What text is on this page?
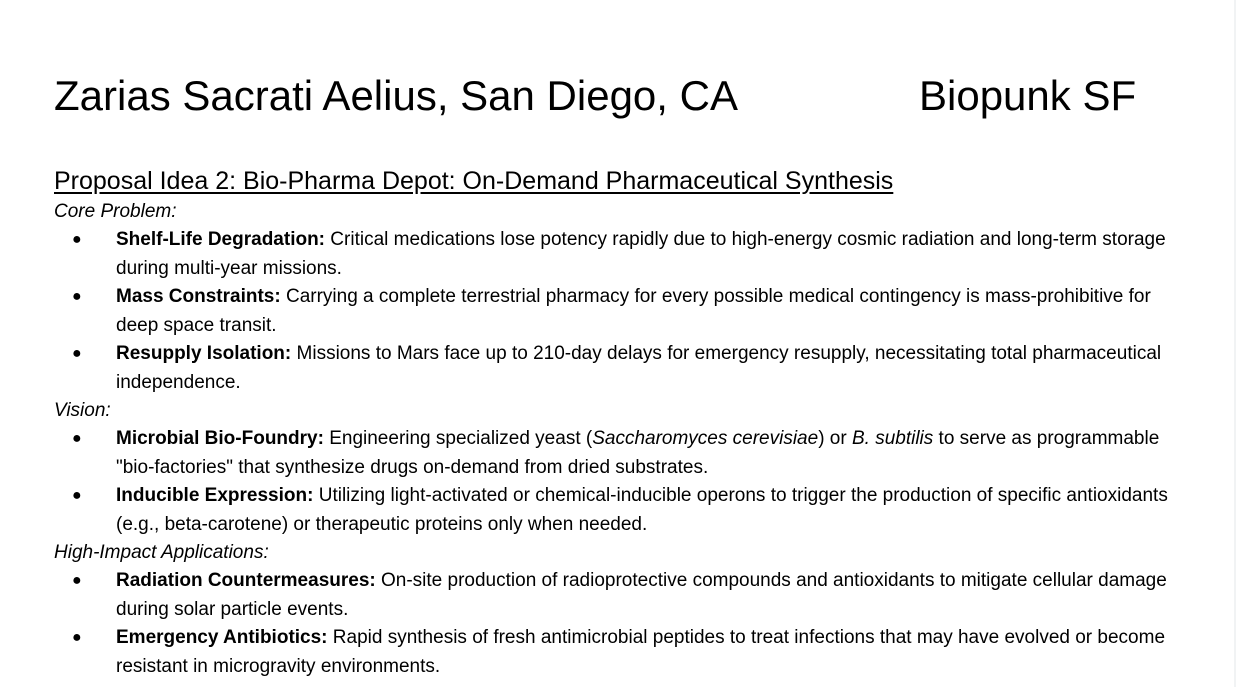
Zarias Sacrati Aelius, San Diego, CA	Biopunk SF

Proposal Idea 2: Bio-Pharma Depot: On-Demand Pharmaceutical Synthesis

Core Problem:

● Shelf-Life Degradation: Critical medications lose potency rapidly due to high-energy cosmic radiation and long-term storage during multi-year missions.
● Mass Constraints: Carrying a complete terrestrial pharmacy for every possible medical contingency is mass-prohibitive for deep space transit.
● Resupply Isolation: Missions to Mars face up to 210-day delays for emergency resupply, necessitating total pharmaceutical independence.

Vision:

● Microbial Bio-Foundry: Engineering specialized yeast (Saccharomyces cerevisiae) or B. subtilis to serve as programmable "bio-factories" that synthesize drugs on-demand from dried substrates.
● Inducible Expression: Utilizing light-activated or chemical-inducible operons to trigger the production of specific antioxidants (e.g., beta-carotene) or therapeutic proteins only when needed.

High-Impact Applications:

● Radiation Countermeasures: On-site production of radioprotective compounds and antioxidants to mitigate cellular damage during solar particle events.
● Emergency Antibiotics: Rapid synthesis of fresh antimicrobial peptides to treat infections that may have evolved or become resistant in microgravity environments.
